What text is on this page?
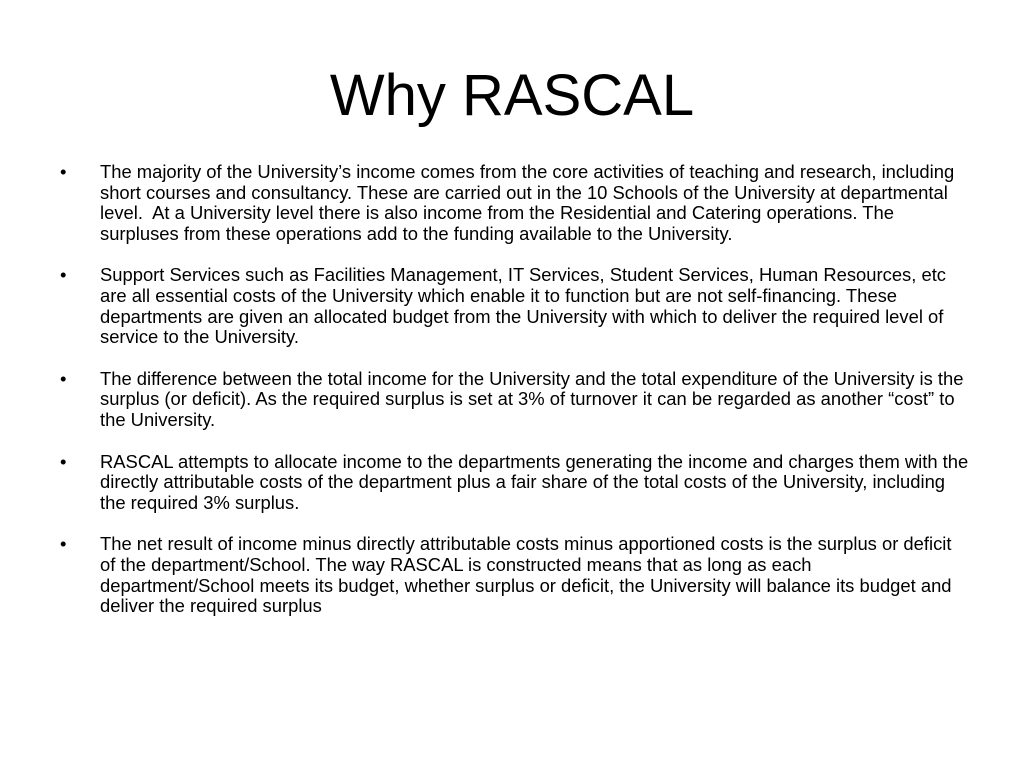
Why RASCAL
•	The majority of the University’s income comes from the core activities of teaching and research, including short courses and consultancy. These are carried out in the 10 Schools of the University at departmental level.  At a University level there is also income from the Residential and Catering operations. The surpluses from these operations add to the funding available to the University.
•	Support Services such as Facilities Management, IT Services, Student Services, Human Resources, etc are all essential costs of the University which enable it to function but are not self-financing. These departments are given an allocated budget from the University with which to deliver the required level of service to the University.
•	The difference between the total income for the University and the total expenditure of the University is the surplus (or deficit). As the required surplus is set at 3% of turnover it can be regarded as another “cost” to the University.
•	RASCAL attempts to allocate income to the departments generating the income and charges them with the directly attributable costs of the department plus a fair share of the total costs of the University, including the required 3% surplus.
•	The net result of income minus directly attributable costs minus apportioned costs is the surplus or deficit of the department/School. The way RASCAL is constructed means that as long as each department/School meets its budget, whether surplus or deficit, the University will balance its budget and deliver the required surplus
